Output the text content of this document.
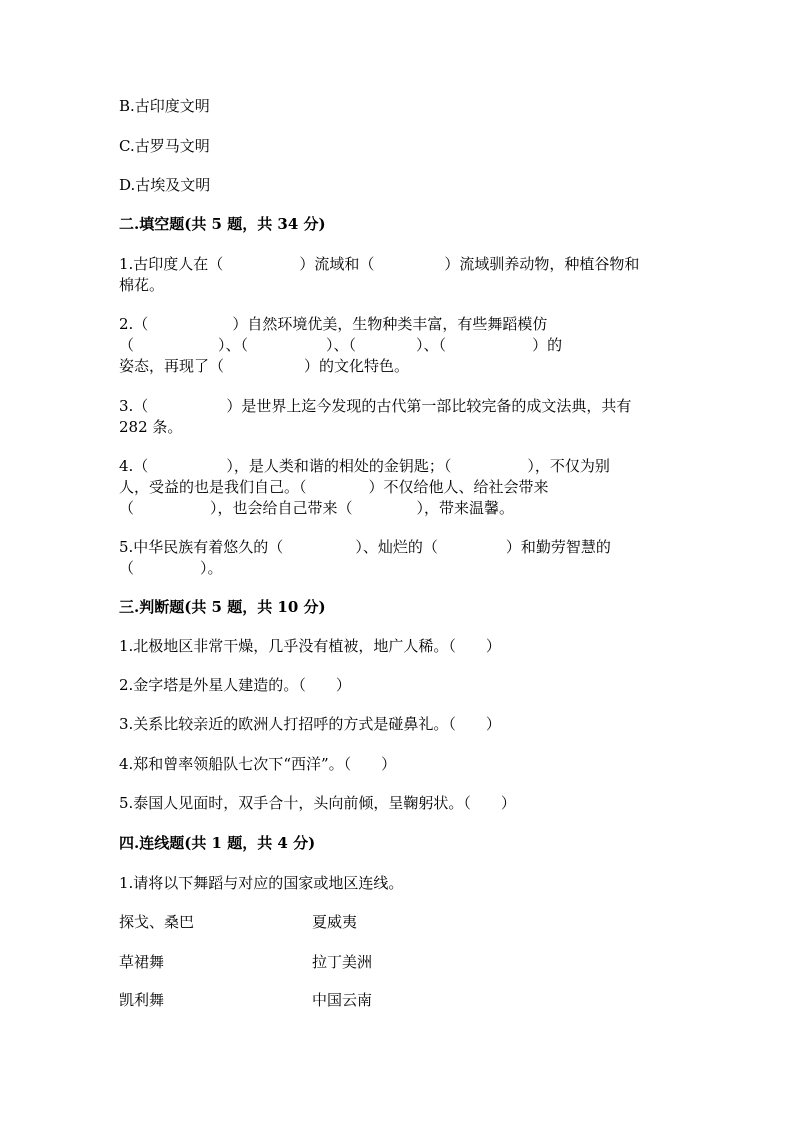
B.古印度文明
C.古罗马文明
D.古埃及文明
二.填空题(共 5 题，共 34 分)
1.古印度人在（	）流域和（	）流域驯养动物，种植谷物和
棉花。
2.（	）自然环境优美，生物种类丰富，有些舞蹈模仿
（	）、（	）、（	）、（	）的
姿态，再现了（	）的文化特色。
3.（	）是世界上迄今发现的古代第一部比较完备的成文法典，共有
282 条。
4.（	），是人类和谐的相处的金钥匙；（	），不仅为别
人，受益的也是我们自己。（	）不仅给他人、给社会带来
（	），也会给自己带来（	），带来温馨。
5.中华民族有着悠久的（	）、灿烂的（	）和勤劳智慧的
（	）。
三.判断题(共 5 题，共 10 分)
1.北极地区非常干燥，几乎没有植被，地广人稀。（　　）
2.金字塔是外星人建造的。（　　）
3.关系比较亲近的欧洲人打招呼的方式是碰鼻礼。（　　）
4.郑和曾率领船队七次下“西洋”。（　　）
5.泰国人见面时，双手合十，头向前倾，呈鞠躬状。（　　）
四.连线题(共 1 题，共 4 分)
1.请将以下舞蹈与对应的国家或地区连线。
探戈、桑巴	夏威夷
草裙舞	拉丁美洲
凯利舞	中国云南
